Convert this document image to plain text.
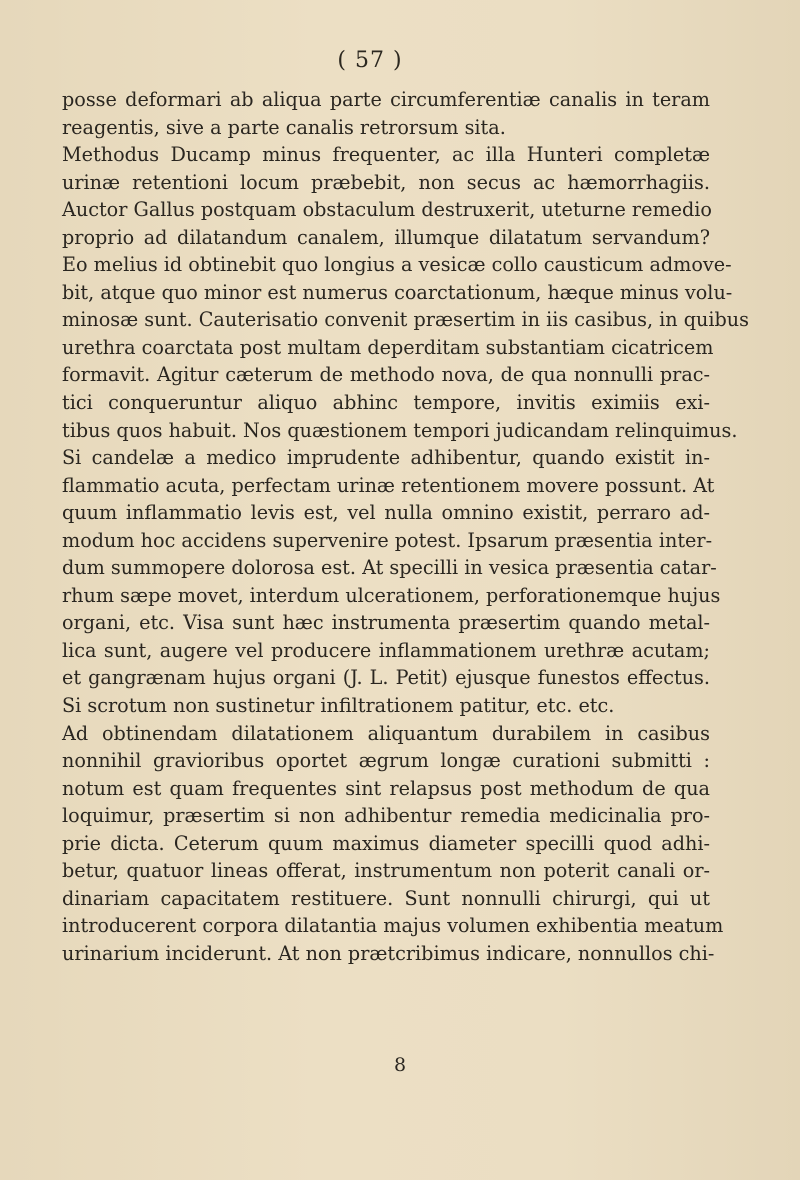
( 57 )
posse deformari ab aliqua parte circumferentiæ canalis in teram
reagentis, sive a parte canalis retrorsum sita.
Methodus Ducamp minus frequenter, ac illa Hunteri completæ
urinæ retentioni locum præbebit, non secus ac hæmorrhagiis.
Auctor Gallus postquam obstaculum destruxerit, uteturne remedio
proprio ad dilatandum canalem, illumque dilatatum servandum?
Eo melius id obtinebit quo longius a vesicæ collo causticum admove-
bit, atque quo minor est numerus coarctationum, hæque minus volu-
minosæ sunt. Cauterisatio convenit præsertim in iis casibus, in quibus
urethra coarctata post multam deperditam substantiam cicatricem
formavit. Agitur cæterum de methodo nova, de qua nonnulli prac-
tici conqueruntur aliquo abhinc tempore, invitis eximiis exi-
tibus quos habuit. Nos quæstionem tempori judicandam relinquimus.
Si candelæ a medico imprudente adhibentur, quando existit in-
flammatio acuta, perfectam urinæ retentionem movere possunt. At
quum inflammatio levis est, vel nulla omnino existit, perraro ad-
modum hoc accidens supervenire potest. Ipsarum præsentia inter-
dum summopere dolorosa est. At specilli in vesica præsentia catar-
rhum sæpe movet, interdum ulcerationem, perforationemque hujus
organi, etc. Visa sunt hæc instrumenta præsertim quando metal-
lica sunt, augere vel producere inflammationem urethræ acutam;
et gangrænam hujus organi (J. L. Petit) ejusque funestos effectus.
Si scrotum non sustinetur infiltrationem patitur, etc. etc.
Ad obtinendam dilatationem aliquantum durabilem in casibus
nonnihil gravioribus oportet ægrum longæ curationi submitti :
notum est quam frequentes sint relapsus post methodum de qua
loquimur, præsertim si non adhibentur remedia medicinalia pro-
prie dicta. Ceterum quum maximus diameter specilli quod adhi-
betur, quatuor lineas offerat, instrumentum non poterit canali or-
dinariam capacitatem restituere. Sunt nonnulli chirurgi, qui ut
introducerent corpora dilatantia majus volumen exhibentia meatum
urinarium inciderunt. At non prætcribimus indicare, nonnullos chi-
8
